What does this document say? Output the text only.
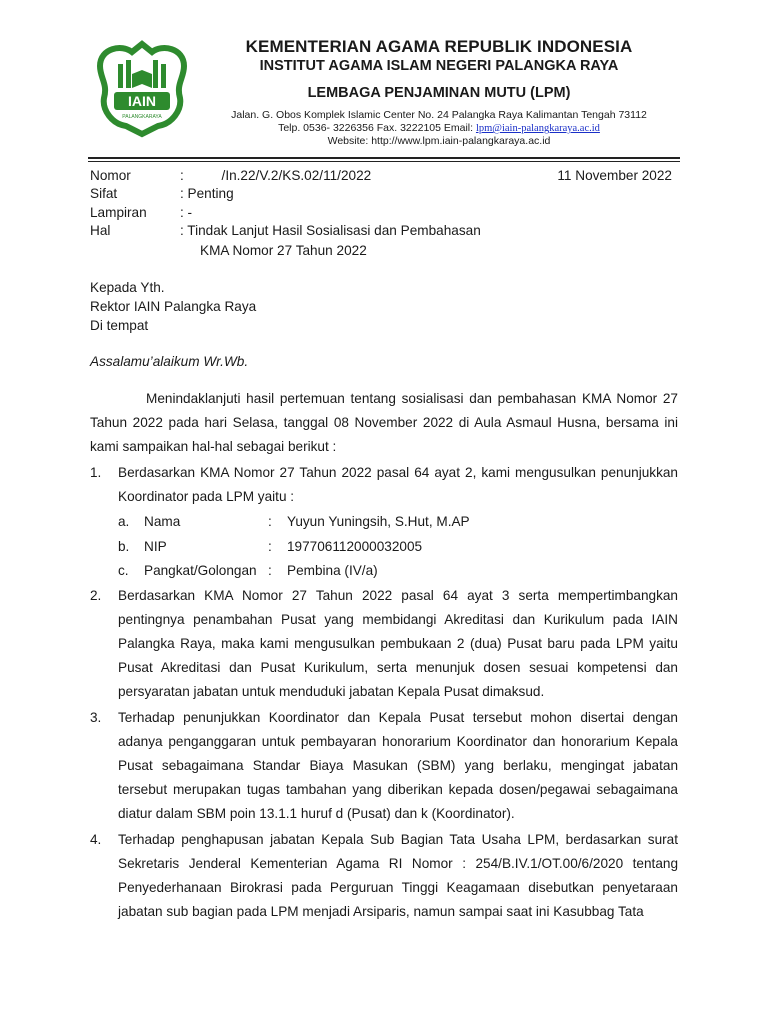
IAIN
PALANGKARAYA
KEMENTERIAN AGAMA REPUBLIK INDONESIA
INSTITUT AGAMA ISLAM NEGERI PALANGKA RAYA
LEMBAGA PENJAMINAN MUTU (LPM)
Jalan. G. Obos Komplek Islamic Center No. 24 Palangka Raya Kalimantan Tengah 73112
Telp. 0536- 3226356 Fax. 3222105 Email: lpm@iain-palangkaraya.ac.id
Website: http://www.lpm.iain-palangkaraya.ac.id
Nomor	:          /In.22/V.2/KS.02/11/2022	11 November 2022
Sifat	: Penting
Lampiran	: -
Hal	: Tindak Lanjut Hasil Sosialisasi dan Pembahasan
KMA Nomor 27 Tahun 2022
Kepada Yth.
Rektor IAIN Palangka Raya
Di tempat
Assalamu’alaikum Wr.Wb.
Menindaklanjuti hasil pertemuan tentang sosialisasi dan pembahasan KMA Nomor 27 Tahun 2022 pada hari Selasa, tanggal 08 November 2022 di Aula Asmaul Husna, bersama ini kami sampaikan hal-hal sebagai berikut :
1.	Berdasarkan KMA Nomor 27 Tahun 2022 pasal 64 ayat 2, kami mengusulkan penunjukkan Koordinator pada LPM yaitu :
a. Nama	: Yuyun Yuningsih, S.Hut, M.AP
b. NIP	: 197706112000032005
c. Pangkat/Golongan : Pembina (IV/a)
2.	Berdasarkan KMA Nomor 27 Tahun 2022 pasal 64 ayat 3 serta mempertimbangkan pentingnya penambahan Pusat yang membidangi Akreditasi dan Kurikulum pada IAIN Palangka Raya, maka kami mengusulkan pembukaan 2 (dua) Pusat baru pada LPM yaitu Pusat Akreditasi dan Pusat Kurikulum, serta menunjuk dosen sesuai kompetensi dan persyaratan jabatan untuk menduduki jabatan Kepala Pusat dimaksud.
3.	Terhadap penunjukkan Koordinator dan Kepala Pusat tersebut mohon disertai dengan adanya penganggaran untuk pembayaran honorarium Koordinator dan honorarium Kepala Pusat sebagaimana Standar Biaya Masukan (SBM) yang berlaku, mengingat jabatan tersebut merupakan tugas tambahan yang diberikan kepada dosen/pegawai sebagaimana diatur dalam SBM poin 13.1.1 huruf d (Pusat) dan k (Koordinator).
4.	Terhadap penghapusan jabatan Kepala Sub Bagian Tata Usaha LPM, berdasarkan surat Sekretaris Jenderal Kementerian Agama RI Nomor : 254/B.IV.1/OT.00/6/2020 tentang Penyederhanaan Birokrasi pada Perguruan Tinggi Keagamaan disebutkan penyetaraan jabatan sub bagian pada LPM menjadi Arsiparis, namun sampai saat ini Kasubbag Tata
